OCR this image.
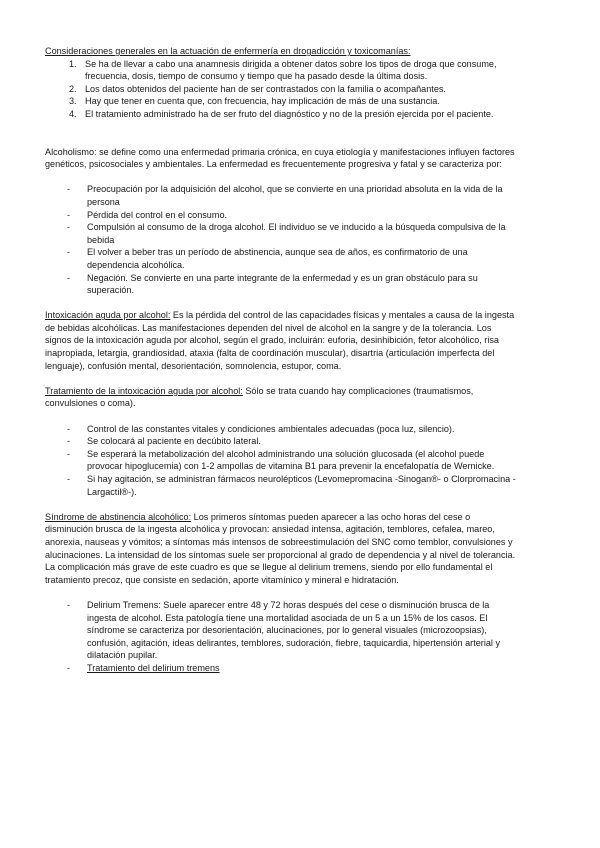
Consideraciones generales en la actuación de enfermería en drogadicción y toxicomanías:

1. Se ha de llevar a cabo una anamnesis dirigida a obtener datos sobre los tipos de droga que consume, frecuencia, dosis, tiempo de consumo y tiempo que ha pasado desde la última dosis.
2. Los datos obtenidos del paciente han de ser contrastados con la familia o acompañantes.
3. Hay que tener en cuenta que, con frecuencia, hay implicación de más de una sustancia.
4. El tratamiento administrado ha de ser fruto del diagnóstico y no de la presión ejercida por el paciente.

Alcoholismo: se define como una enfermedad primaria crónica, en cuya etiología y manifestaciones influyen factores genéticos, psicosociales y ambientales. La enfermedad es frecuentemente progresiva y fatal y se caracteriza por:

- Preocupación por la adquisición del alcohol, que se convierte en una prioridad absoluta en la vida de la persona
- Pérdida del control en el consumo.
- Compulsión al consumo de la droga alcohol. El individuo se ve inducido a la búsqueda compulsiva de la bebida
- El volver a beber tras un período de abstinencia, aunque sea de años, es confirmatorio de una dependencia alcohólica.
- Negación. Se convierte en una parte integrante de la enfermedad y es un gran obstáculo para su superación.

Intoxicación aguda por alcohol: Es la pérdida del control de las capacidades físicas y mentales a causa de la ingesta de bebidas alcohólicas. Las manifestaciones dependen del nivel de alcohol en la sangre y de la tolerancia. Los signos de la intoxicación aguda por alcohol, según el grado, incluirán: euforia, desinhibición, fetor alcohólico, risa inapropiada, letargia, grandiosidad, ataxia (falta de coordinación muscular), disartria (articulación imperfecta del lenguaje), confusión mental, desorientación, somnolencia, estupor, coma.

Tratamiento de la intoxicación aguda por alcohol: Sólo se trata cuando hay complicaciones (traumatismos, convulsiones o coma).

- Control de las constantes vitales y condiciones ambientales adecuadas (poca luz, silencio).
- Se colocará al paciente en decúbito lateral.
- Se esperará la metabolización del alcohol administrando una solución glucosada (el alcohol puede provocar hipoglucemia) con 1-2 ampollas de vitamina B1 para prevenir la encefalopatía de Wernicke.
- Si hay agitación, se administran fármacos neurolépticos (Levomepromacina -Sinogan®- o Clorpromacina - Largactil®-).

Síndrome de abstinencia alcohólico: Los primeros síntomas pueden aparecer a las ocho horas del cese o disminución brusca de la ingesta alcohólica y provocan: ansiedad intensa, agitación, temblores, cefalea, mareo, anorexia, nauseas y vómitos; a síntomas más intensos de sobreestimulación del SNC como temblor, convulsiones y alucinaciones. La intensidad de los síntomas suele ser proporcional al grado de dependencia y al nivel de tolerancia. La complicación más grave de este cuadro es que se llegue al delirium tremens, siendo por ello fundamental el tratamiento precoz, que consiste en sedación, aporte vitamínico y mineral e hidratación.

- Delirium Tremens: Suele aparecer entre 48 y 72 horas después del cese o disminución brusca de la ingesta de alcohol. Esta patología tiene una mortalidad asociada de un 5 a un 15% de los casos. El síndrome se caracteriza por desorientación, alucinaciones, por lo general visuales (microzoopsias), confusión, agitación, ideas delirantes, temblores, sudoración, fiebre, taquicardia, hipertensión arterial y dilatación pupilar.
- Tratamiento del delirium tremens
